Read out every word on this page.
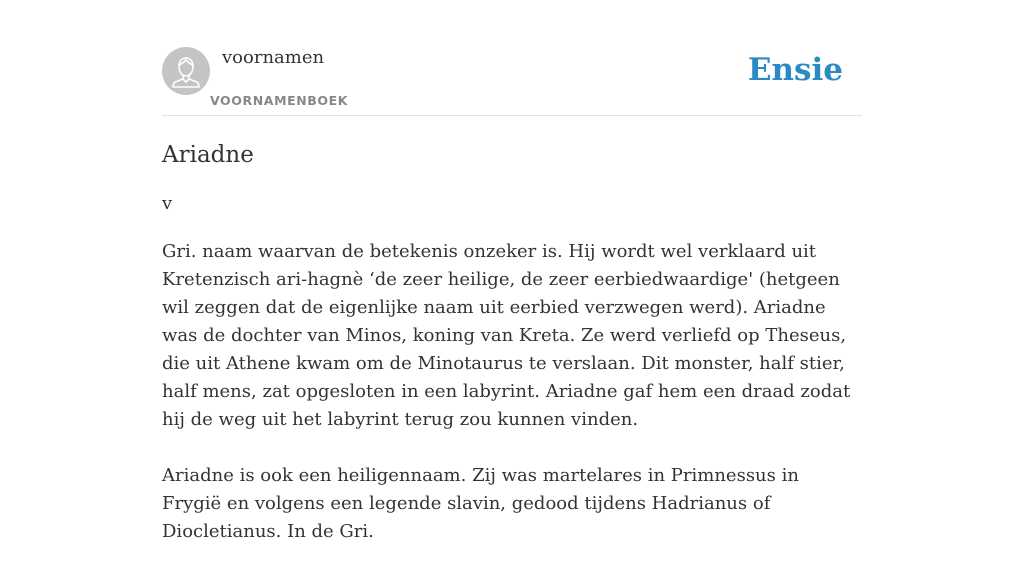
voornamen
VOORNAMENBOEK
Ensie
Ariadne
v

Gri. naam waarvan de betekenis onzeker is. Hij wordt wel verklaard uit Kretenzisch ari-hagnè ‘de zeer heilige, de zeer eerbiedwaardige' (hetgeen wil zeggen dat de eigenlijke naam uit eerbied verzwegen werd). Ariadne was de dochter van Minos, koning van Kreta. Ze werd verliefd op Theseus, die uit Athene kwam om de Minotaurus te verslaan. Dit monster, half stier, half mens, zat opgesloten in een labyrint. Ariadne gaf hem een draad zodat hij de weg uit het labyrint terug zou kunnen vinden.

Ariadne is ook een heiligennaam. Zij was martelares in Primnessus in Frygië en volgens een legende slavin, gedood tijdens Hadrianus of Diocletianus. In de Gri.
